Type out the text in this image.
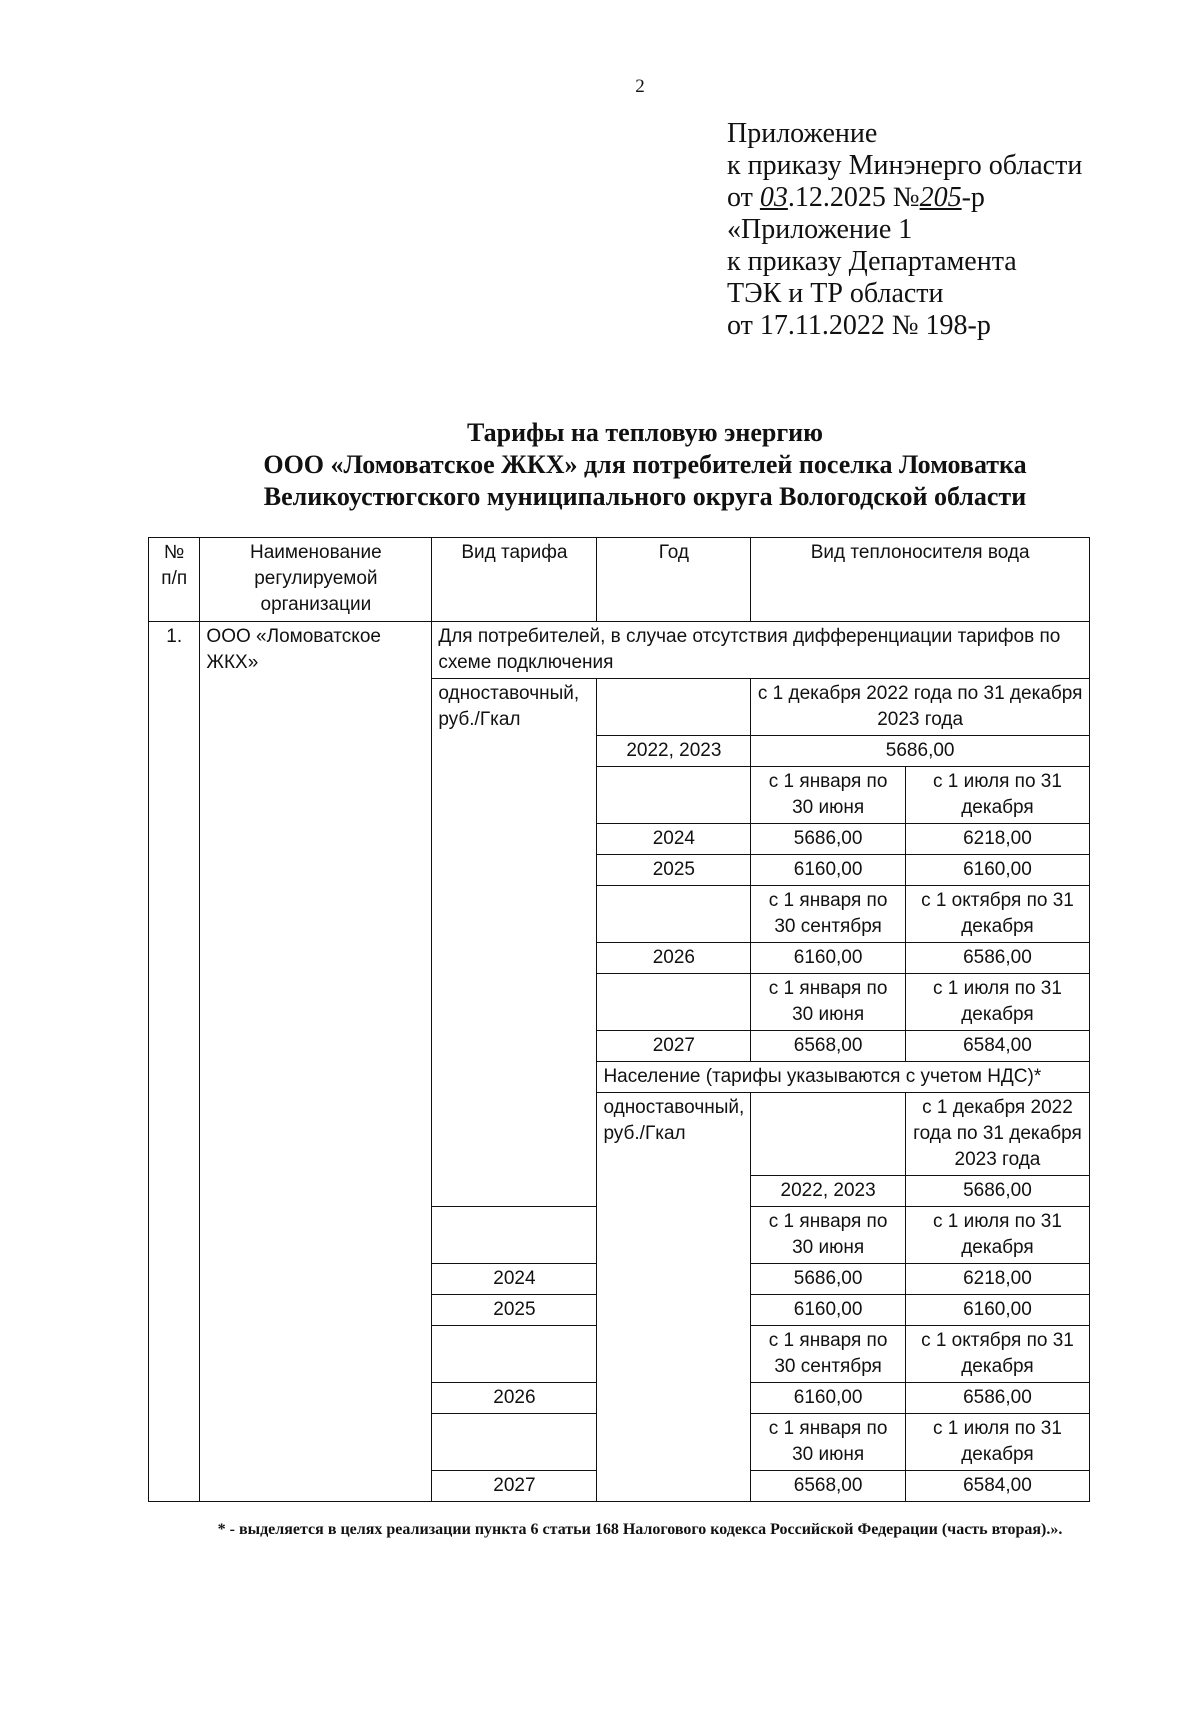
2
Приложение
к приказу Минэнерго области
от 03.12.2025 №205-р
«Приложение 1
к приказу Департамента
ТЭК и ТР области
от 17.11.2022 № 198-р
Тарифы на тепловую энергию
ООО «Ломоватское ЖКХ» для потребителей поселка Ломоватка
Великоустюгского муниципального округа Вологодской области
№ п/п	Наименование регулируемой организации	Вид тарифа	Год	Вид теплоносителя вода	
1.	ООО «Ломоватское ЖКХ»	Для потребителей, в случае отсутствия дифференциации тарифов по схеме подключения			
		одноставочный, руб./Гкал		с 1 декабря 2022 года по 31 декабря 2023 года	
			2022, 2023	5686,00	
				с 1 января по 30 июня	с 1 июля по 31 декабря
			2024	5686,00	6218,00
			2025	6160,00	6160,00
				с 1 января по 30 сентября	с 1 октября по 31 декабря
			2026	6160,00	6586,00
				с 1 января по 30 июня	с 1 июля по 31 декабря
			2027	6568,00	6584,00
			Население (тарифы указываются с учетом НДС)*		
			одноставочный, руб./Гкал		с 1 декабря 2022 года по 31 декабря 2023 года
				2022, 2023	5686,00
				с 1 января по 30 июня	с 1 июля по 31 декабря
		2024		5686,00	6218,00
		2025		6160,00	6160,00
				с 1 января по 30 сентября	с 1 октября по 31 декабря
		2026		6160,00	6586,00
				с 1 января по 30 июня	с 1 июля по 31 декабря
		2027		6568,00	6584,00
* - выделяется в целях реализации пункта 6 статьи 168 Налогового кодекса Российской Федерации (часть вторая).».
